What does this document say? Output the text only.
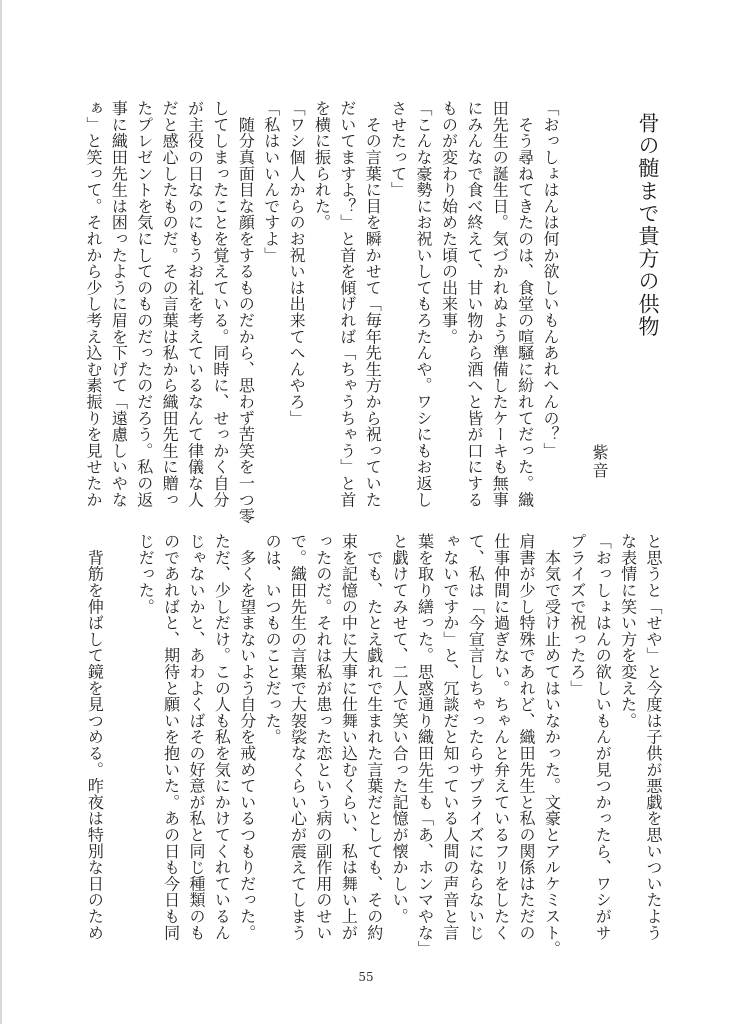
骨の髄まで貴方の供物
紫音
「おっしょはんは何か欲しいもんあれへんの？」
　そう尋ねてきたのは、食堂の喧騒に紛れてだった。織
田先生の誕生日。気づかれぬよう準備したケーキも無事
にみんなで食べ終えて、甘い物から酒へと皆が口にする
ものが変わり始めた頃の出来事。
「こんな豪勢にお祝いしてもろたんや。ワシにもお返し
させたって」
　その言葉に目を瞬かせて「毎年先生方から祝っていた
だいてますよ？」と首を傾げれば「ちゃうちゃう」と首
を横に振られた。
「ワシ個人からのお祝いは出来てへんやろ」
「私はいいんですよ」
　随分真面目な顔をするものだから、思わず苦笑を一つ零
してしまったことを覚えている。同時に、せっかく自分
が主役の日なのにもうお礼を考えているなんて律儀な人
だと感心したものだ。その言葉は私から織田先生に贈っ
たプレゼントを気にしてのものだったのだろう。私の返
事に織田先生は困ったように眉を下げて「遠慮しいやな
ぁ」と笑って。それから少し考え込む素振りを見せたか
と思うと「せや」と今度は子供が悪戯を思いついたよう
な表情に笑い方を変えた。
「おっしょはんの欲しいもんが見つかったら、ワシがサ
プライズで祝ったろ」
　本気で受け止めてはいなかった。文豪とアルケミスト。
肩書が少し特殊であれど、織田先生と私の関係はただの
仕事仲間に過ぎない。ちゃんと弁えているフリをしたく
て、私は「今宣言しちゃったらサプライズにならないじ
ゃないですか」と、冗談だと知っている人間の声音と言
葉を取り繕った。思惑通り織田先生も「あ、ホンマやな」
と戯けてみせて、二人で笑い合った記憶が懐かしい。
　でも、たとえ戯れで生まれた言葉だとしても、その約
束を記憶の中に大事に仕舞い込むくらい、私は舞い上が
ったのだ。それは私が患った恋という病の副作用のせい
で。織田先生の言葉で大袈裟なくらい心が震えてしまう
のは、いつものことだった。
　多くを望まないよう自分を戒めているつもりだった。
ただ、少しだけ。この人も私を気にかけてくれているん
じゃないかと、あわよくばその好意が私と同じ種類のも
のであればと、期待と願いを抱いた。あの日も今日も同
じだった。
　背筋を伸ばして鏡を見つめる。昨夜は特別な日のため
55
